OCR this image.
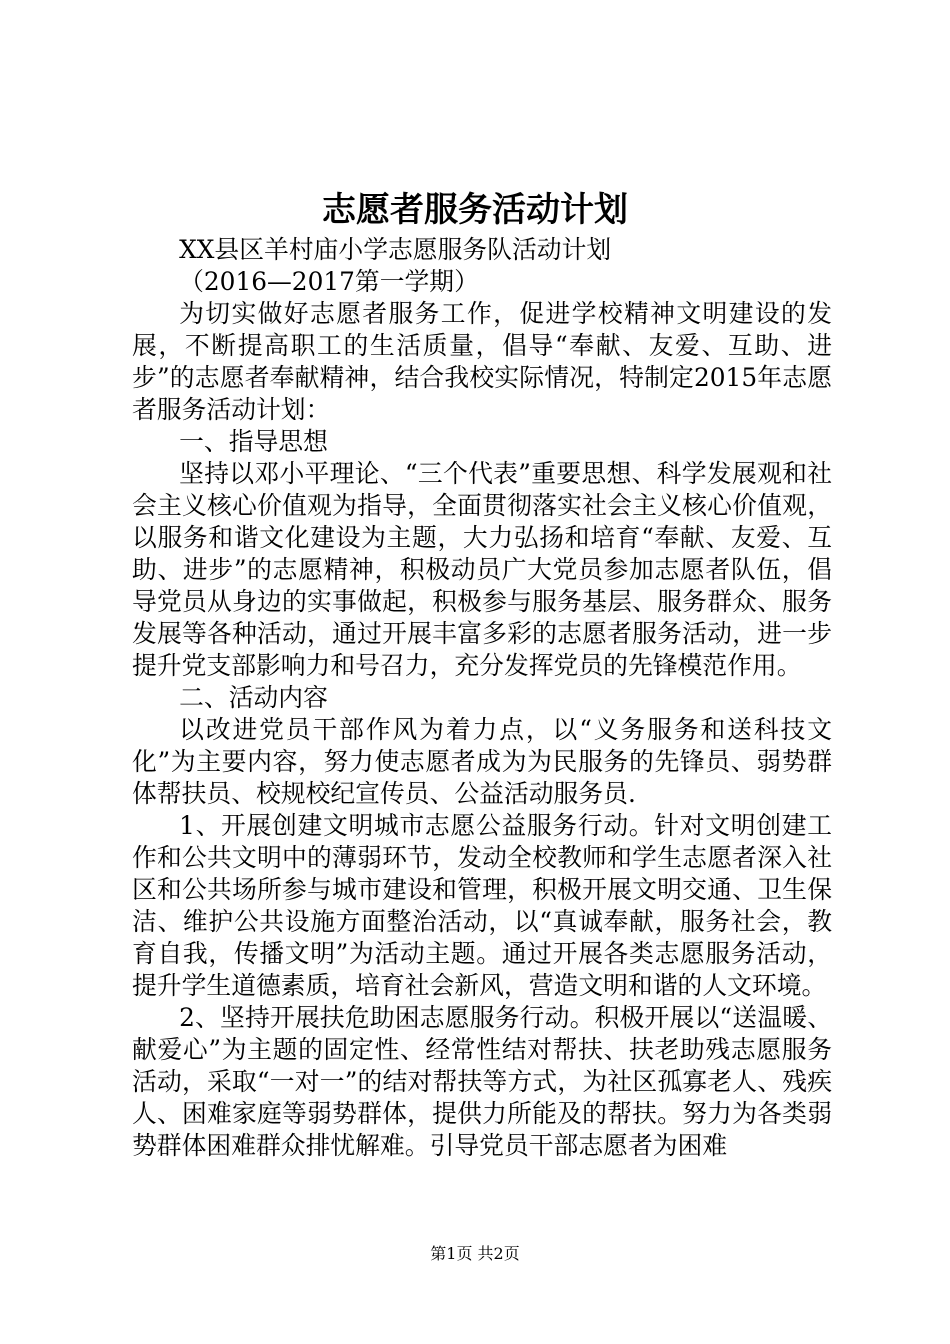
志愿者服务活动计划

XX县区羊村庙小学志愿服务队活动计划

（2016—2017第一学期）

为切实做好志愿者服务工作，促进学校精神文明建设的发展，不断提高职工的生活质量，倡导“奉献、友爱、互助、进步”的志愿者奉献精神，结合我校实际情况，特制定2015年志愿者服务活动计划：

一、指导思想

坚持以邓小平理论、“三个代表”重要思想、科学发展观和社会主义核心价值观为指导，全面贯彻落实社会主义核心价值观，以服务和谐文化建设为主题，大力弘扬和培育“奉献、友爱、互助、进步”的志愿精神，积极动员广大党员参加志愿者队伍，倡导党员从身边的实事做起，积极参与服务基层、服务群众、服务发展等各种活动，通过开展丰富多彩的志愿者服务活动，进一步提升党支部影响力和号召力，充分发挥党员的先锋模范作用。

二、活动内容

以改进党员干部作风为着力点，以“义务服务和送科技文化”为主要内容，努力使志愿者成为为民服务的先锋员、弱势群体帮扶员、校规校纪宣传员、公益活动服务员.

1、开展创建文明城市志愿公益服务行动。针对文明创建工作和公共文明中的薄弱环节，发动全校教师和学生志愿者深入社区和公共场所参与城市建设和管理，积极开展文明交通、卫生保洁、维护公共设施方面整治活动，以“真诚奉献，服务社会，教育自我，传播文明”为活动主题。通过开展各类志愿服务活动，提升学生道德素质，培育社会新风，营造文明和谐的人文环境。

2、坚持开展扶危助困志愿服务行动。积极开展以“送温暖、献爱心”为主题的固定性、经常性结对帮扶、扶老助残志愿服务活动，采取“一对一”的结对帮扶等方式，为社区孤寡老人、残疾人、困难家庭等弱势群体，提供力所能及的帮扶。努力为各类弱势群体困难群众排忧解难。引导党员干部志愿者为困难

第1页 共2页
